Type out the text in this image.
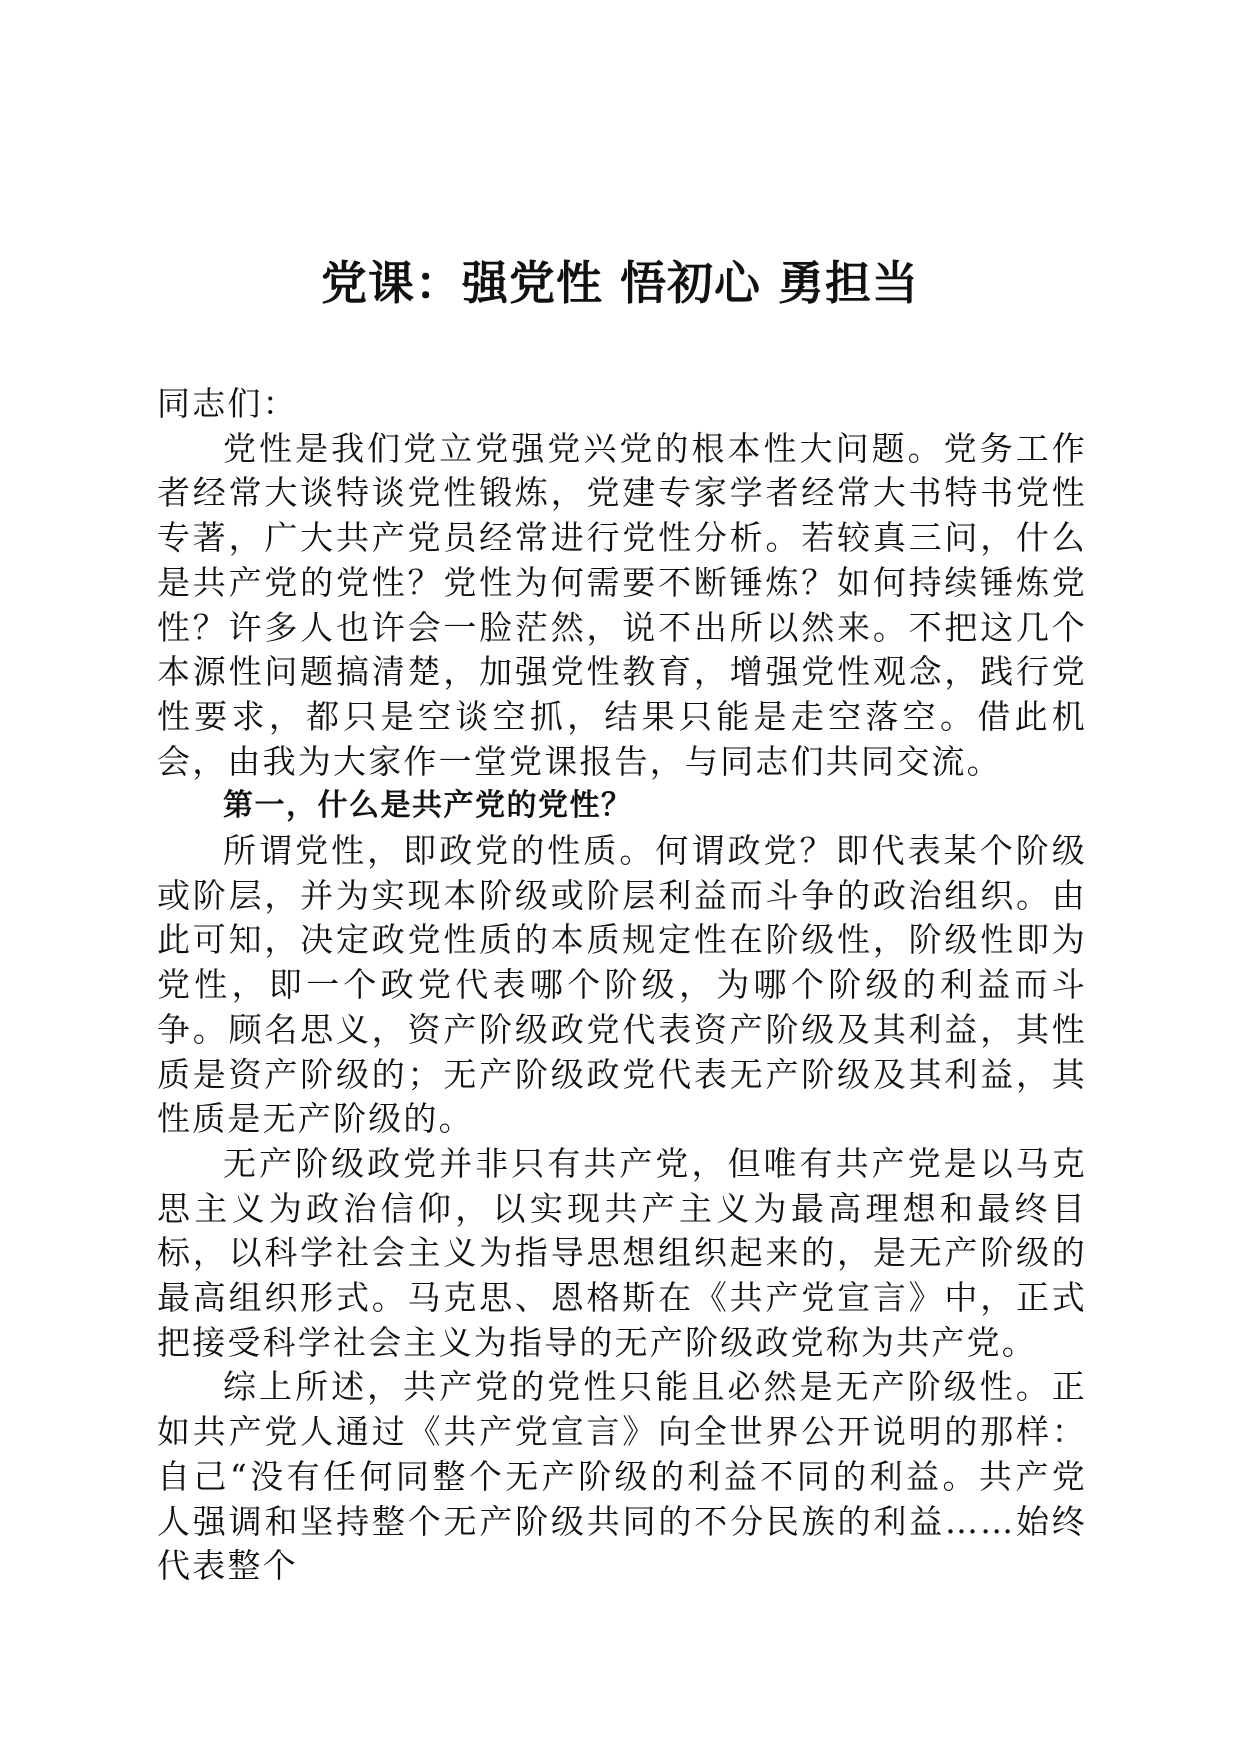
党课：强党性 悟初心 勇担当

同志们：

党性是我们党立党强党兴党的根本性大问题。党务工作者经常大谈特谈党性锻炼，党建专家学者经常大书特书党性专著，广大共产党员经常进行党性分析。若较真三问，什么是共产党的党性？党性为何需要不断锤炼？如何持续锤炼党性？许多人也许会一脸茫然，说不出所以然来。不把这几个本源性问题搞清楚，加强党性教育，增强党性观念，践行党性要求，都只是空谈空抓，结果只能是走空落空。借此机会，由我为大家作一堂党课报告，与同志们共同交流。

第一，什么是共产党的党性？

所谓党性，即政党的性质。何谓政党？即代表某个阶级或阶层，并为实现本阶级或阶层利益而斗争的政治组织。由此可知，决定政党性质的本质规定性在阶级性，阶级性即为党性，即一个政党代表哪个阶级，为哪个阶级的利益而斗争。顾名思义，资产阶级政党代表资产阶级及其利益，其性质是资产阶级的；无产阶级政党代表无产阶级及其利益，其性质是无产阶级的。

无产阶级政党并非只有共产党，但唯有共产党是以马克思主义为政治信仰，以实现共产主义为最高理想和最终目标，以科学社会主义为指导思想组织起来的，是无产阶级的最高组织形式。马克思、恩格斯在《共产党宣言》中，正式把接受科学社会主义为指导的无产阶级政党称为共产党。

综上所述，共产党的党性只能且必然是无产阶级性。正如共产党人通过《共产党宣言》向全世界公开说明的那样：自己“没有任何同整个无产阶级的利益不同的利益。共产党人强调和坚持整个无产阶级共同的不分民族的利益……始终代表整个
